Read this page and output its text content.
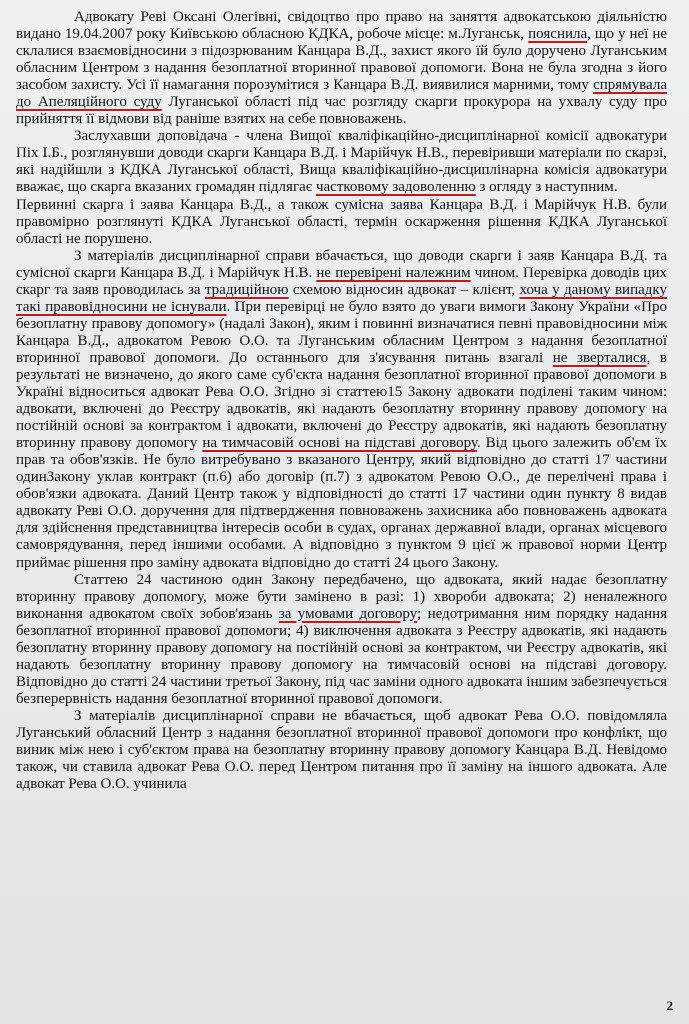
Адвокату Реві Оксані Олегівні, свідоцтво про право на заняття адвокатською діяльністю видано 19.04.2007 року Київською обласною КДКА, робоче місце: м.Луганськ, пояснила, що у неї не склалися взаємовідносини з підозрюваним Канцара В.Д., захист якого їй було доручено Луганським обласним Центром з надання безоплатної вторинної правової допомоги. Вона не була згодна з його засобом захисту. Усі її намагання порозумітися з Канцара В.Д. виявилися марними, тому спрямувала до Апеляційного суду Луганської області під час розгляду скарги прокурора на ухвалу суду про прийняття її відмови від раніше взятих на себе повноважень.

Заслухавши доповідача - члена Вищої кваліфікаційно-дисциплінарної комісії адвокатури Піх І.Б., розглянувши доводи скарги Канцара В.Д. і Марійчук Н.В., перевіривши матеріали по скарзі, які надійшли з КДКА Луганської області, Вища кваліфікаційно-дисциплінарна комісія адвокатури вважає, що скарга вказаних громадян підлягає частковому задоволенню з огляду з наступним.

Первинні скарга і заява Канцара В.Д., а також сумісна заява Канцара В.Д. і Марійчук Н.В. були правомірно розглянуті КДКА Луганської області, термін оскарження рішення КДКА Луганської області не порушено.

З матеріалів дисциплінарної справи вбачається, що доводи скарги і заяв Канцара В.Д. та сумісної скарги Канцара В.Д. і Марійчук Н.В. не перевірені належним чином. Перевірка доводів цих скарг та заяв проводилась за традиційною схемою відносин адвокат – клієнт, хоча у даному випадку такі правовідносини не існували. При перевірці не було взято до уваги вимоги Закону України «Про безоплатну правову допомогу» (надалі Закон), яким і повинні визначатися певні правовідносини між Канцара В.Д., адвокатом Ревою О.О. та Луганським обласним Центром з надання безоплатної вторинної правової допомоги. До останнього для з'ясування питань взагалі не зверталися, в результаті не визначено, до якого саме суб'єкта надання безоплатної вторинної правової допомоги в Україні відноситься адвокат Рева О.О. Згідно зі статтею15 Закону адвокати поділені таким чином: адвокати, включені до Реєстру адвокатів, які надають безоплатну вторинну правову допомогу на постійній основі за контрактом і адвокати, включені до Реєстру адвокатів, які надають безоплатну вторинну правову допомогу на тимчасовій основі на підставі договору. Від цього залежить об'єм їх прав та обов'язків. Не було витребувано з вказаного Центру, який відповідно до статті 17 частини одинЗакону уклав контракт (п.6) або договір (п.7) з адвокатом Ревою О.О., де перелічені права і обов'язки адвоката. Даний Центр також у відповідності до статті 17 частини один пункту 8 видав адвокату Реві О.О. доручення для підтвердження повноважень захисника або повноважень адвоката для здійснення представництва інтересів особи в судах, органах державної влади, органах місцевого самоврядування, перед іншими особами. А відповідно з пунктом 9 цієї ж правової норми Центр приймає рішення про заміну адвоката відповідно до статті 24 цього Закону.

Статтею 24 частиною один Закону передбачено, що адвоката, який надає безоплатну вторинну правову допомогу, може бути замінено в разі: 1) хвороби адвоката; 2) неналежного виконання адвокатом своїх зобов'язань за умовами договору; недотримання ним порядку надання безоплатної вторинної правової допомоги; 4) виключення адвоката з Реєстру адвокатів, які надають безоплатну вторинну правову допомогу на постійній основі за контрактом, чи Реєстру адвокатів, які надають безоплатну вторинну правову допомогу на тимчасовій основі на підставі договору. Відповідно до статті 24 частини третьої Закону, під час заміни одного адвоката іншим забезпечується безперервність надання безоплатної вторинної правової допомоги.

З матеріалів дисциплінарної справи не вбачається, щоб адвокат Рева О.О. повідомляла Луганський обласний Центр з надання безоплатної вторинної правової допомоги про конфлікт, що виник між нею і суб'єктом права на безоплатну вторинну правову допомогу Канцара В.Д. Невідомо також, чи ставила адвокат Рева О.О. перед Центром питання про її заміну на іншого адвоката. Але адвокат Рева О.О. учинила

2
